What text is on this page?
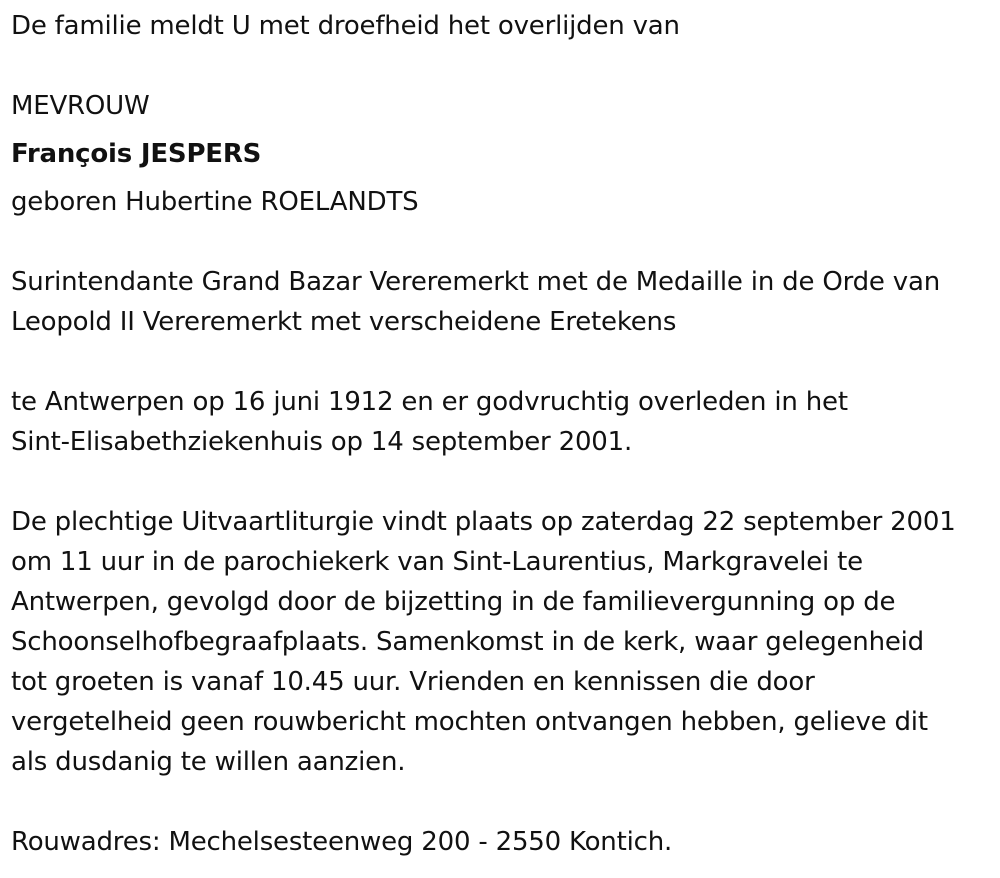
De familie meldt U met droefheid het overlijden van
MEVROUW
François JESPERS
geboren Hubertine ROELANDTS
Surintendante Grand Bazar Vereremerkt met de Medaille in de Orde van
Leopold II Vereremerkt met verscheidene Eretekens
te Antwerpen op 16 juni 1912 en er godvruchtig overleden in het
Sint-Elisabethziekenhuis op 14 september 2001.
De plechtige Uitvaartliturgie vindt plaats op zaterdag 22 september 2001
om 11 uur in de parochiekerk van Sint-Laurentius, Markgravelei te
Antwerpen, gevolgd door de bijzetting in de familievergunning op de
Schoonselhofbegraafplaats. Samenkomst in de kerk, waar gelegenheid
tot groeten is vanaf 10.45 uur. Vrienden en kennissen die door
vergetelheid geen rouwbericht mochten ontvangen hebben, gelieve dit
als dusdanig te willen aanzien.
Rouwadres: Mechelsesteenweg 200 - 2550 Kontich.
